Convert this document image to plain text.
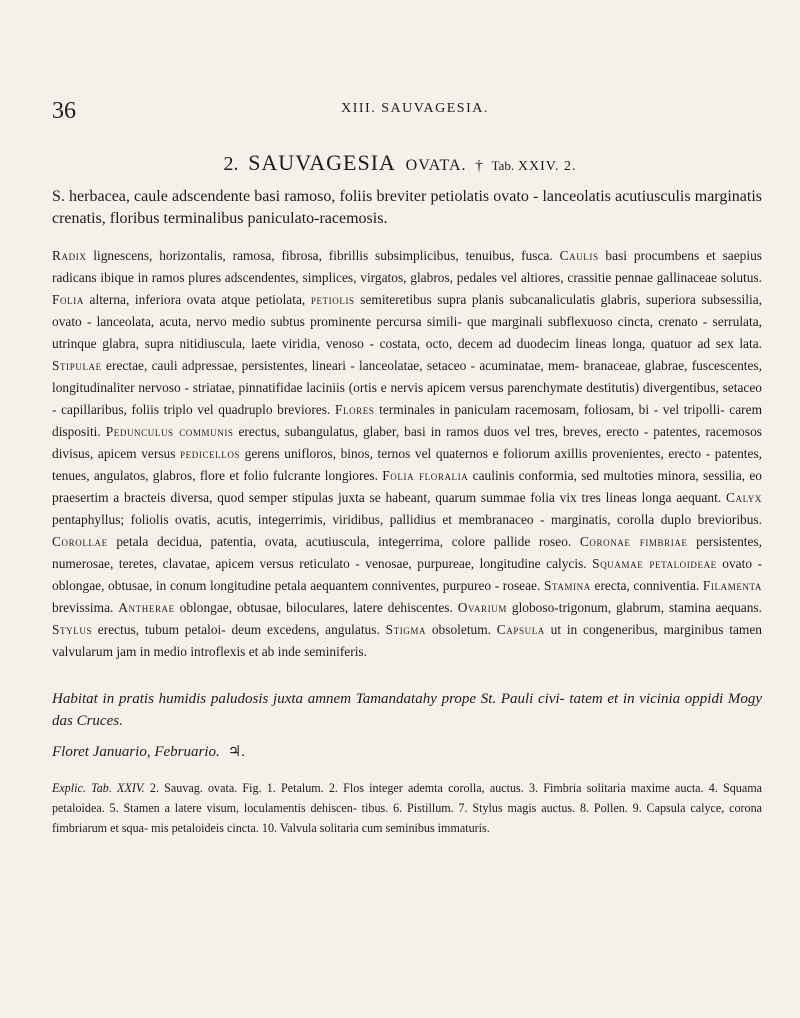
36	XIII. SAUVAGESIA.
2. SAUVAGESIA OVATA. † Tab. XXIV. 2.
S. herbacea, caule adscendente basi ramoso, foliis breviter petiolatis ovato - lanceolatis acutiusculis marginatis crenatis, floribus terminalibus paniculato-racemosis.
Radix lignescens, horizontalis, ramosa, fibrosa, fibrillis subsimplicibus, tenuibus, fusca. Caulis basi procumbens et saepius radicans ibique in ramos plures adscendentes, simplices, virgatos, glabros, pedales vel altiores, crassitie pennae gallinaceae solutus. Folia alterna, inferiora ovata atque petiolata, petiolis semiteretibus supra planis subcanaliculatis glabris, superiora subsessilia, ovato - lanceolata, acuta, nervo medio subtus prominente percursa simili- que marginali subflexuoso cincta, crenato - serrulata, utrinque glabra, supra nitidiuscula, laete viridia, venoso - costata, octo, decem ad duodecim lineas longa, quatuor ad sex lata. Stipulae erectae, cauli adpressae, persistentes, lineari - lanceolatae, setaceo - acuminatae, mem- branaceae, glabrae, fuscescentes, longitudinaliter nervoso - striatae, pinnatifidae laciniis (ortis e nervis apicem versus parenchymate destitutis) divergentibus, setaceo - capillaribus, foliis triplo vel quadruplo breviores. Flores terminales in paniculam racemosam, foliosam, bi - vel tripolli- carem dispositi. Pedunculus communis erectus, subangulatus, glaber, basi in ramos duos vel tres, breves, erecto - patentes, racemosos divisus, apicem versus pedicellos gerens unifloros, binos, ternos vel quaternos e foliorum axillis provenientes, erecto - patentes, tenues, angulatos, glabros, flore et folio fulcrante longiores. Folia floralia caulinis conformia, sed multoties minora, sessilia, eo praesertim a bracteis diversa, quod semper stipulas juxta se habeant, quarum summae folia vix tres lineas longa aequant. Calyx pentaphyllus; foliolis ovatis, acutis, integerrimis, viridibus, pallidius et membranaceo - marginatis, corolla duplo brevioribus. Corollae petala decidua, patentia, ovata, acutiuscula, integerrima, colore pallide roseo. Coronae fimbriae persistentes, numerosae, teretes, clavatae, apicem versus reticulato - venosae, purpureae, longitudine calycis. Squamae petaloideae ovato - oblongae, obtusae, in conum longitudine petala aequantem conniventes, purpureo - roseae. Stamina erecta, conniventia. Filamenta brevissima. Antherae oblongae, obtusae, biloculares, latere dehiscentes. Ovarium globoso-trigonum, glabrum, stamina aequans. Stylus erectus, tubum petaloi- deum excedens, angulatus. Stigma obsoletum. Capsula ut in congeneribus, marginibus tamen valvularum jam in medio introflexis et ab inde seminiferis.
Habitat in pratis humidis paludosis juxta amnem Tamandatahy prope St. Pauli civi- tatem et in vicinia oppidi Mogy das Cruces.
Floret Januario, Februario. ♃.
Explic. Tab. XXIV. 2. Sauvag. ovata. Fig. 1. Petalum. 2. Flos integer ademta corolla, auctus. 3. Fimbria solitaria maxime aucta. 4. Squama petaloidea. 5. Stamen a latere visum, loculamentis dehiscen- tibus. 6. Pistillum. 7. Stylus magis auctus. 8. Pollen. 9. Capsula calyce, corona fimbriarum et squa- mis petaloideis cincta. 10. Valvula solitaria cum seminibus immaturis.
